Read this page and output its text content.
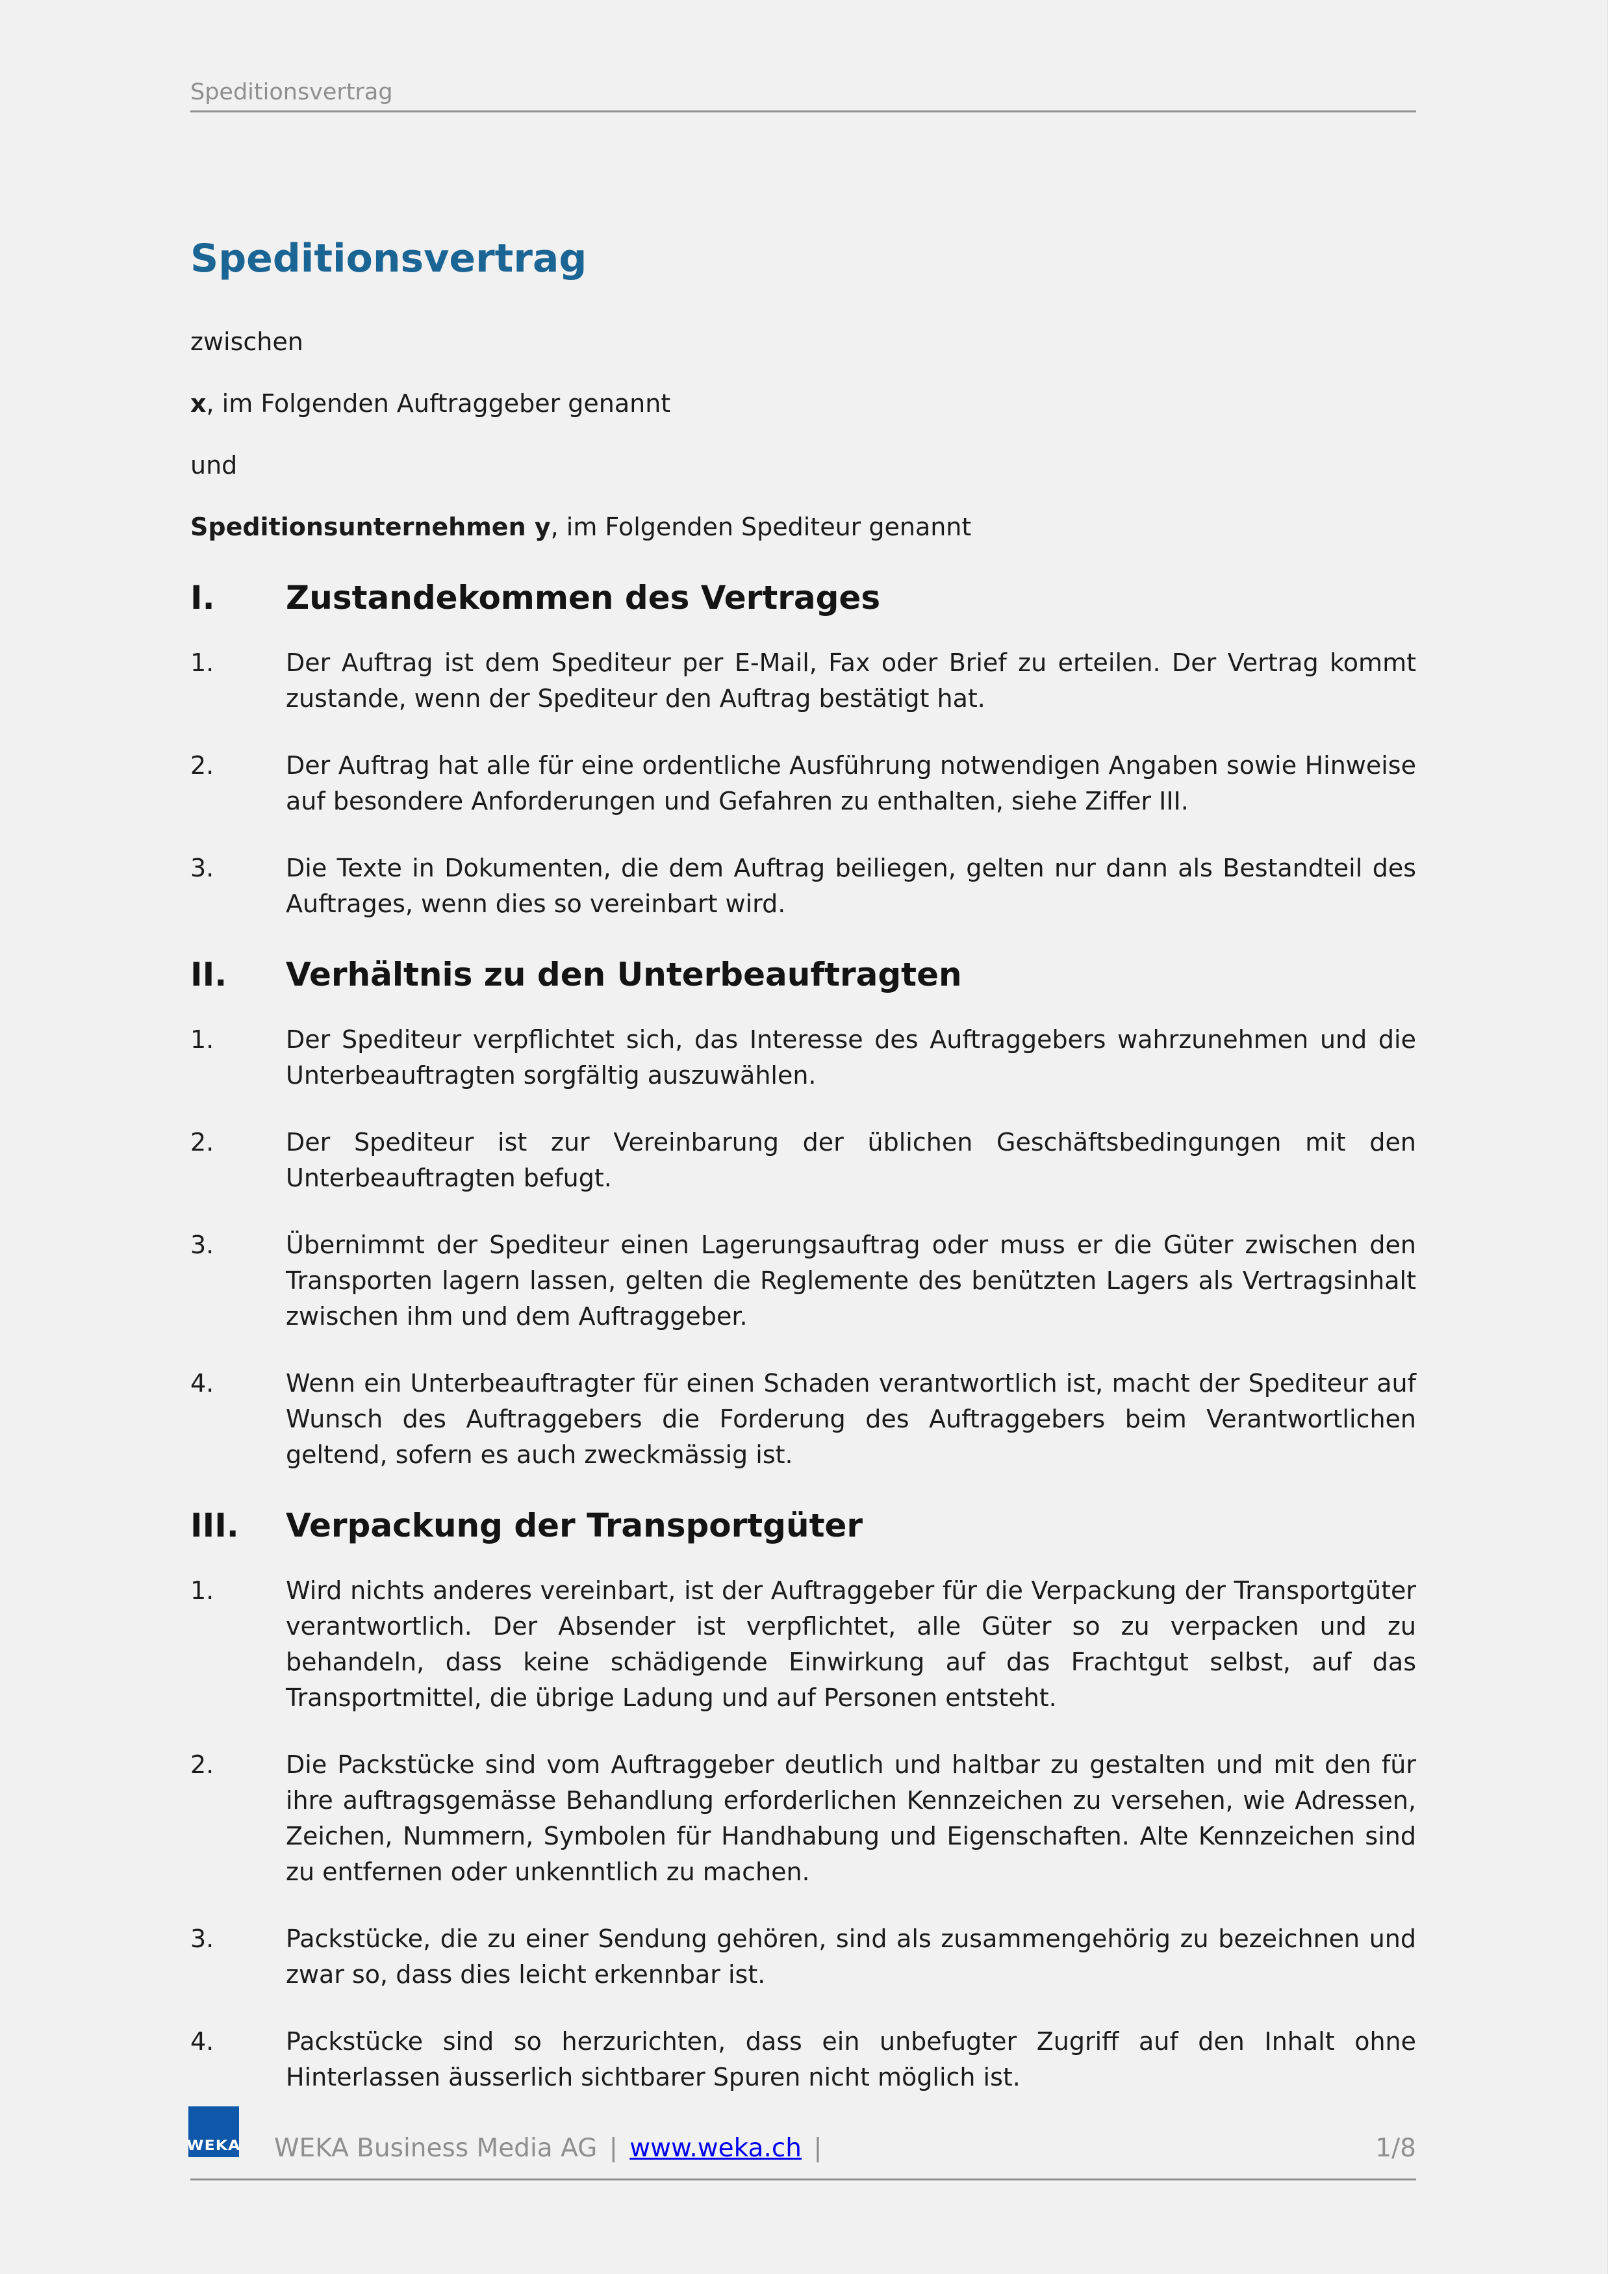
Speditionsvertrag
Speditionsvertrag

zwischen

x, im Folgenden Auftraggeber genannt

und

Speditionsunternehmen y, im Folgenden Spediteur genannt

I.	Zustandekommen des Vertrages
1.	Der Auftrag ist dem Spediteur per E-Mail, Fax oder Brief zu erteilen. Der Vertrag kommt zustande, wenn der Spediteur den Auftrag bestätigt hat.

2.	Der Auftrag hat alle für eine ordentliche Ausführung notwendigen Angaben sowie Hinweise auf besondere Anforderungen und Gefahren zu enthalten, siehe Ziffer III.

3.	Die Texte in Dokumenten, die dem Auftrag beiliegen, gelten nur dann als Bestandteil des Auftrages, wenn dies so vereinbart wird.

II.	Verhältnis zu den Unterbeauftragten
1.	Der Spediteur verpflichtet sich, das Interesse des Auftraggebers wahrzunehmen und die Unterbeauftragten sorgfältig auszuwählen.

2.	Der Spediteur ist zur Vereinbarung der üblichen Geschäftsbedingungen mit den Unterbeauftragten befugt.

3.	Übernimmt der Spediteur einen Lagerungsauftrag oder muss er die Güter zwischen den Transporten lagern lassen, gelten die Reglemente des benützten Lagers als Vertragsinhalt zwischen ihm und dem Auftraggeber.

4.	Wenn ein Unterbeauftragter für einen Schaden verantwortlich ist, macht der Spediteur auf Wunsch des Auftraggebers die Forderung des Auftraggebers beim Verantwortlichen geltend, sofern es auch zweckmässig ist.

III.	Verpackung der Transportgüter
1.	Wird nichts anderes vereinbart, ist der Auftraggeber für die Verpackung der Transportgüter verantwortlich. Der Absender ist verpflichtet, alle Güter so zu verpacken und zu behandeln, dass keine schädigende Einwirkung auf das Frachtgut selbst, auf das Transportmittel, die übrige Ladung und auf Personen entsteht.

2.	Die Packstücke sind vom Auftraggeber deutlich und haltbar zu gestalten und mit den für ihre auftragsgemässe Behandlung erforderlichen Kennzeichen zu versehen, wie Adressen, Zeichen, Nummern, Symbolen für Handhabung und Eigenschaften. Alte Kennzeichen sind zu entfernen oder unkenntlich zu machen.

3.	Packstücke, die zu einer Sendung gehören, sind als zusammengehörig zu bezeichnen und zwar so, dass dies leicht erkennbar ist.

4.	Packstücke sind so herzurichten, dass ein unbefugter Zugriff auf den Inhalt ohne Hinterlassen äusserlich sichtbarer Spuren nicht möglich ist.

WEKA WEKA Business Media AG | www.weka.ch |	1/8
